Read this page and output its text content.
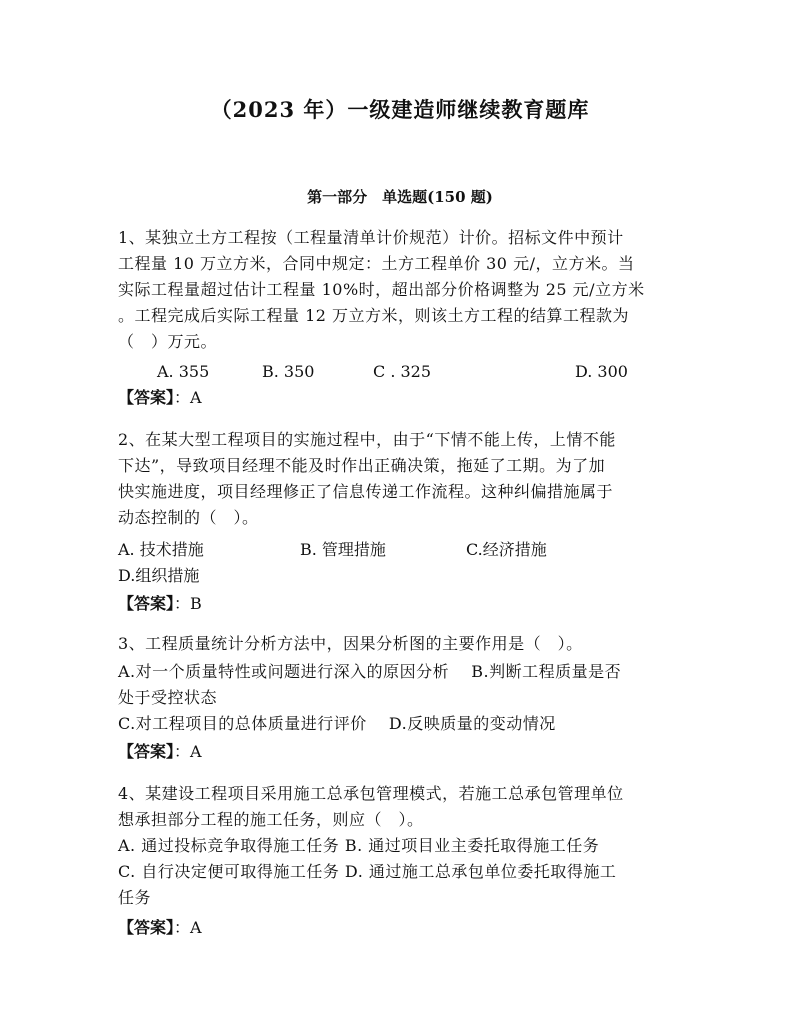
（2023 年）一级建造师继续教育题库
第一部分　单选题(150 题)
1、某独立土方工程按（工程量清单计价规范）计价。招标文件中预计
工程量 10 万立方米，合同中规定：土方工程单价 30 元/，立方米。当
实际工程量超过估计工程量 10%时，超出部分价格调整为 25 元/立方米
。工程完成后实际工程量 12 万立方米，则该土方工程的结算工程款为
（　）万元。
A. 355	B. 350	C . 325	D. 300
【答案】：A
2、在某大型工程项目的实施过程中，由于“下情不能上传，上情不能
下达”，导致项目经理不能及时作出正确决策，拖延了工期。为了加
快实施进度，项目经理修正了信息传递工作流程。这种纠偏措施属于
动态控制的（　）。
A. 技术措施	B. 管理措施	C.经济措施
D.组织措施
【答案】：B
3、工程质量统计分析方法中，因果分析图的主要作用是（　）。
A.对一个质量特性或问题进行深入的原因分析　 B.判断工程质量是否
处于受控状态
C.对工程项目的总体质量进行评价　 D.反映质量的变动情况
【答案】：A
4、某建设工程项目采用施工总承包管理模式，若施工总承包管理单位
想承担部分工程的施工任务，则应（　）。
A. 通过投标竞争取得施工任务 B. 通过项目业主委托取得施工任务
C. 自行决定便可取得施工任务 D. 通过施工总承包单位委托取得施工
任务
【答案】：A
